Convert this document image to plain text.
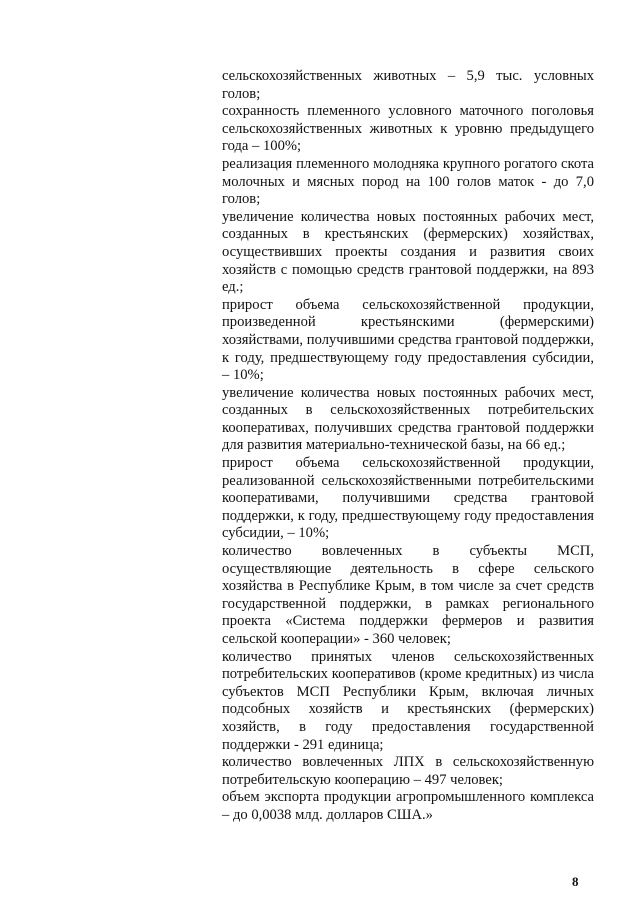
сельскохозяйственных животных – 5,9 тыс. условных голов;

сохранность племенного условного маточного поголовья сельскохозяйственных животных к уровню предыдущего года – 100%;

реализация племенного молодняка крупного рогатого скота молочных и мясных пород на 100 голов маток - до 7,0 голов;

увеличение количества новых постоянных рабочих мест, созданных в крестьянских (фермерских) хозяйствах, осуществивших проекты создания и развития своих хозяйств с помощью средств грантовой поддержки, на 893 ед.;

прирост объема сельскохозяйственной продукции, произведенной крестьянскими (фермерскими) хозяйствами, получившими средства грантовой поддержки, к году, предшествующему году предоставления субсидии, – 10%;

увеличение количества новых постоянных рабочих мест, созданных в сельскохозяйственных потребительских кооперативах, получивших средства грантовой поддержки для развития материально-технической базы, на 66 ед.;

прирост объема сельскохозяйственной продукции, реализованной сельскохозяйственными потребительскими кооперативами, получившими средства грантовой поддержки, к году, предшествующему году предоставления субсидии, – 10%;

количество вовлеченных в субъекты МСП, осуществляющие деятельность в сфере сельского хозяйства в Республике Крым, в том числе за счет средств государственной поддержки, в рамках регионального проекта «Система поддержки фермеров и развития сельской кооперации» - 360 человек;

количество принятых членов сельскохозяйственных потребительских кооперативов (кроме кредитных) из числа субъектов МСП Республики Крым, включая личных подсобных хозяйств и крестьянских (фермерских) хозяйств, в году предоставления государственной поддержки - 291 единица;

количество вовлеченных ЛПХ в сельскохозяйственную потребительскую кооперацию – 497 человек;

объем экспорта продукции агропромышленного комплекса – до 0,0038 млд. долларов США.»

8
